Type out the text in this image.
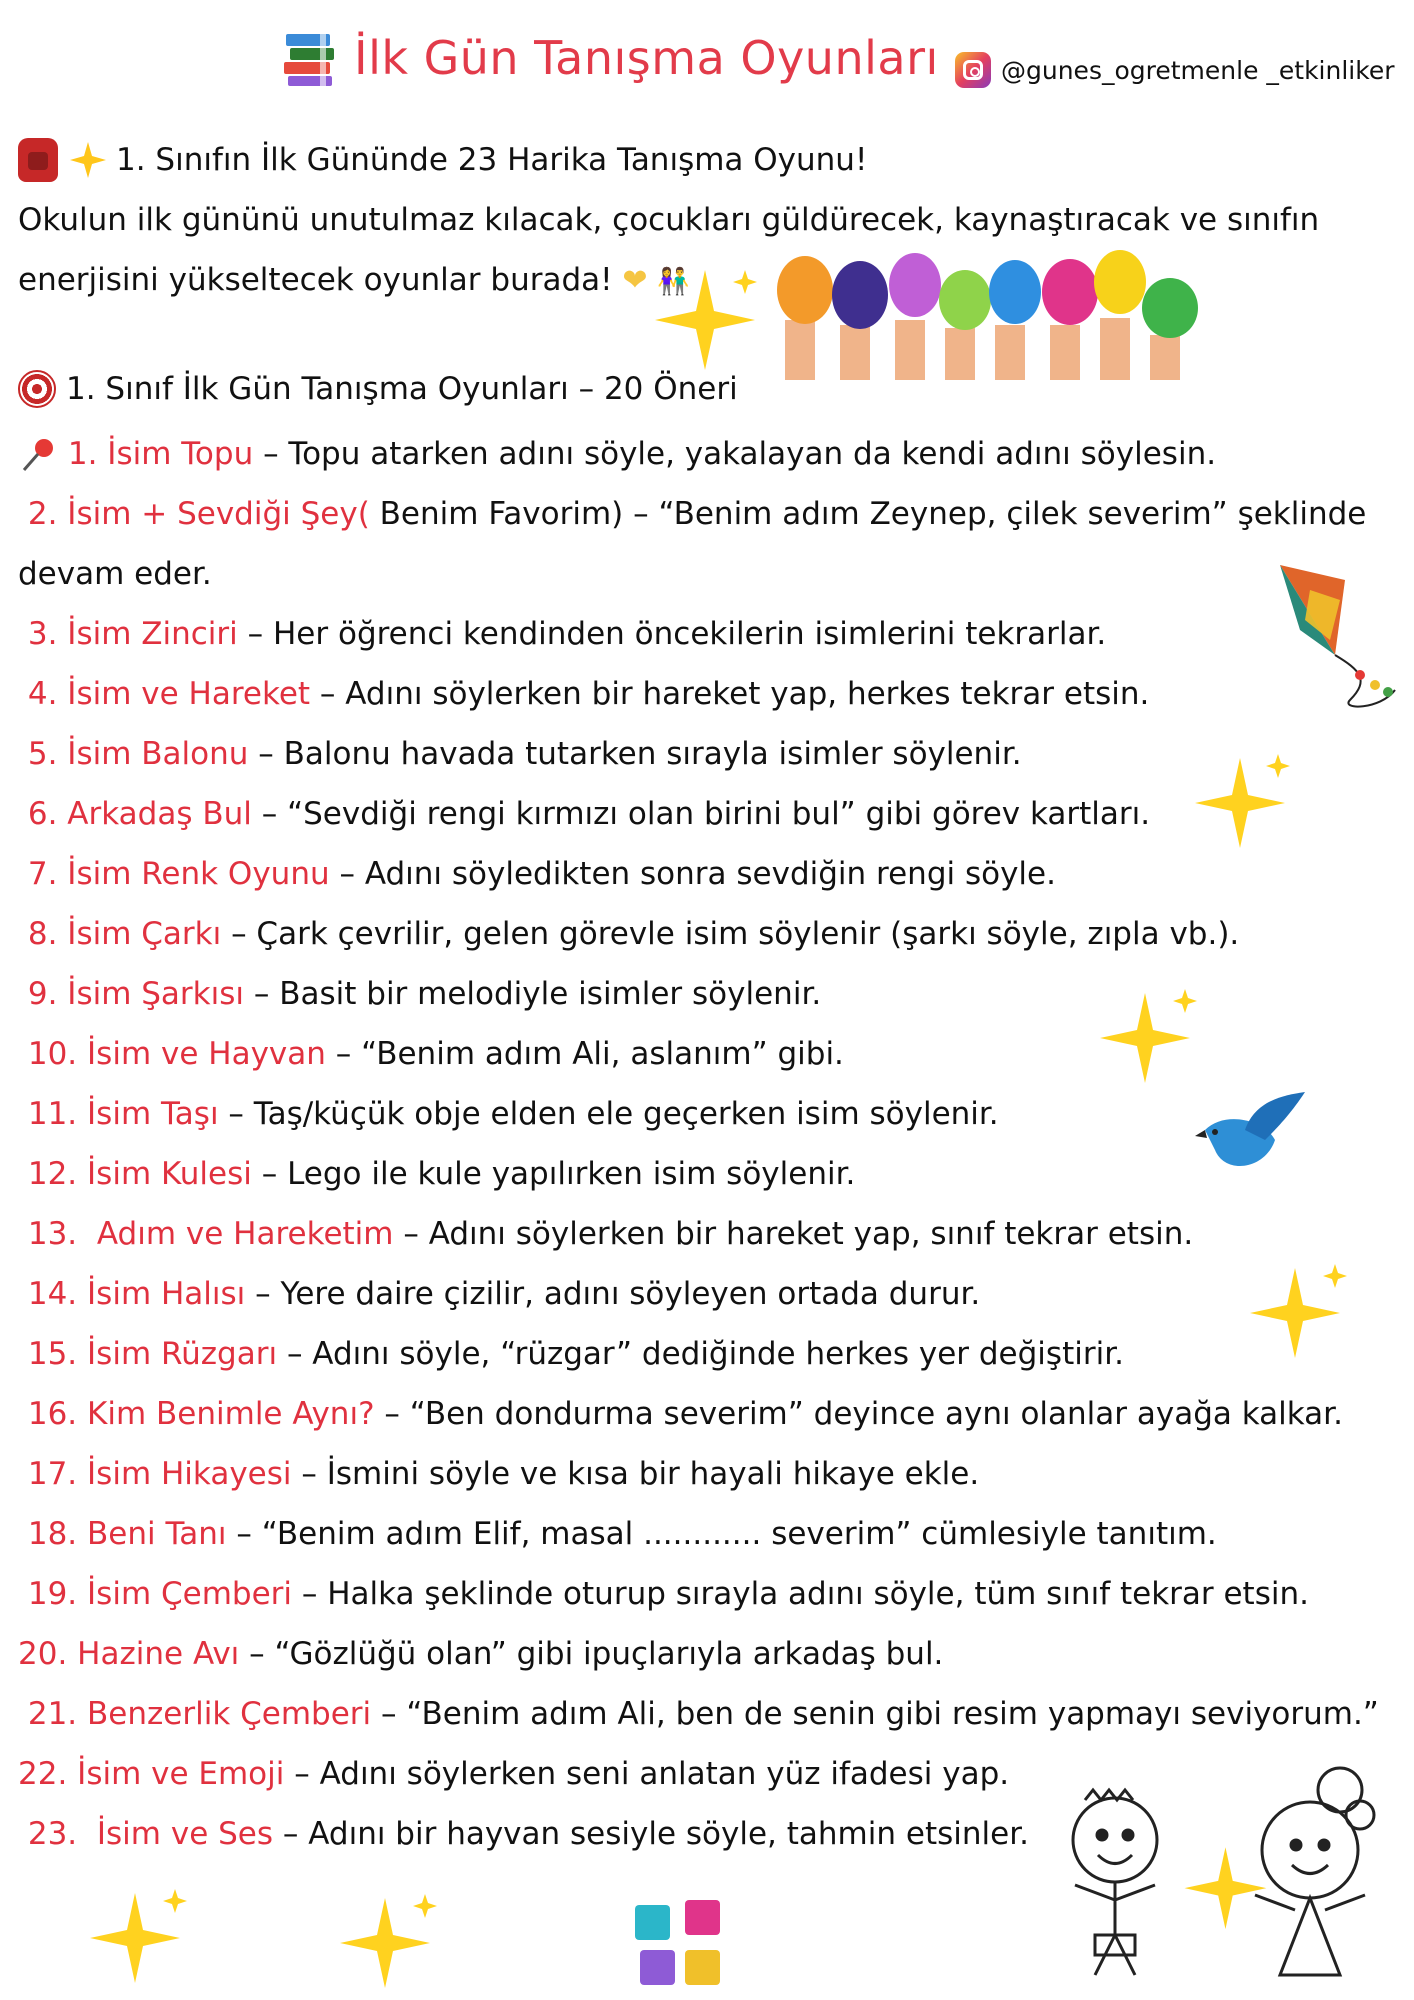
İlk Gün Tanışma Oyunları @gunes_ogretmenle _etkinliker
1. Sınıfın İlk Gününde 23 Harika Tanışma Oyunu!
Okulun ilk gününü unutulmaz kılacak, çocukları güldürecek, kaynaştıracak ve sınıfın enerjisini yükseltecek oyunlar burada! ❤ 👫
1. Sınıf İlk Gün Tanışma Oyunları – 20 Öneri
1. İsim Topu – Topu atarken adını söyle, yakalayan da kendi adını söylesin.
2. İsim + Sevdiği Şey( Benim Favorim) – “Benim adım Zeynep, çilek severim” şeklinde devam eder.
3. İsim Zinciri – Her öğrenci kendinden öncekilerin isimlerini tekrarlar.
4. İsim ve Hareket – Adını söylerken bir hareket yap, herkes tekrar etsin.
5. İsim Balonu – Balonu havada tutarken sırayla isimler söylenir.
6. Arkadaş Bul – “Sevdiği rengi kırmızı olan birini bul” gibi görev kartları.
7. İsim Renk Oyunu – Adını söyledikten sonra sevdiğin rengi söyle.
8. İsim Çarkı – Çark çevrilir, gelen görevle isim söylenir (şarkı söyle, zıpla vb.).
9. İsim Şarkısı – Basit bir melodiyle isimler söylenir.
10. İsim ve Hayvan – “Benim adım Ali, aslanım” gibi.
11. İsim Taşı – Taş/küçük obje elden ele geçerken isim söylenir.
12. İsim Kulesi – Lego ile kule yapılırken isim söylenir.
13. Adım ve Hareketim – Adını söylerken bir hareket yap, sınıf tekrar etsin.
14. İsim Halısı – Yere daire çizilir, adını söyleyen ortada durur.
15. İsim Rüzgarı – Adını söyle, “rüzgar” dediğinde herkes yer değiştirir.
16. Kim Benimle Aynı? – “Ben dondurma severim” deyince aynı olanlar ayağa kalkar.
17. İsim Hikayesi – İsmini söyle ve kısa bir hayali hikaye ekle.
18. Beni Tanı – “Benim adım Elif, masal ............ severim” cümlesiyle tanıtım.
19. İsim Çemberi – Halka şeklinde oturup sırayla adını söyle, tüm sınıf tekrar etsin.
20. Hazine Avı – “Gözlüğü olan” gibi ipuçlarıyla arkadaş bul.
21. Benzerlik Çemberi – “Benim adım Ali, ben de senin gibi resim yapmayı seviyorum.”
22. İsim ve Emoji – Adını söylerken seni anlatan yüz ifadesi yap.
23. İsim ve Ses – Adını bir hayvan sesiyle söyle, tahmin etsinler.
